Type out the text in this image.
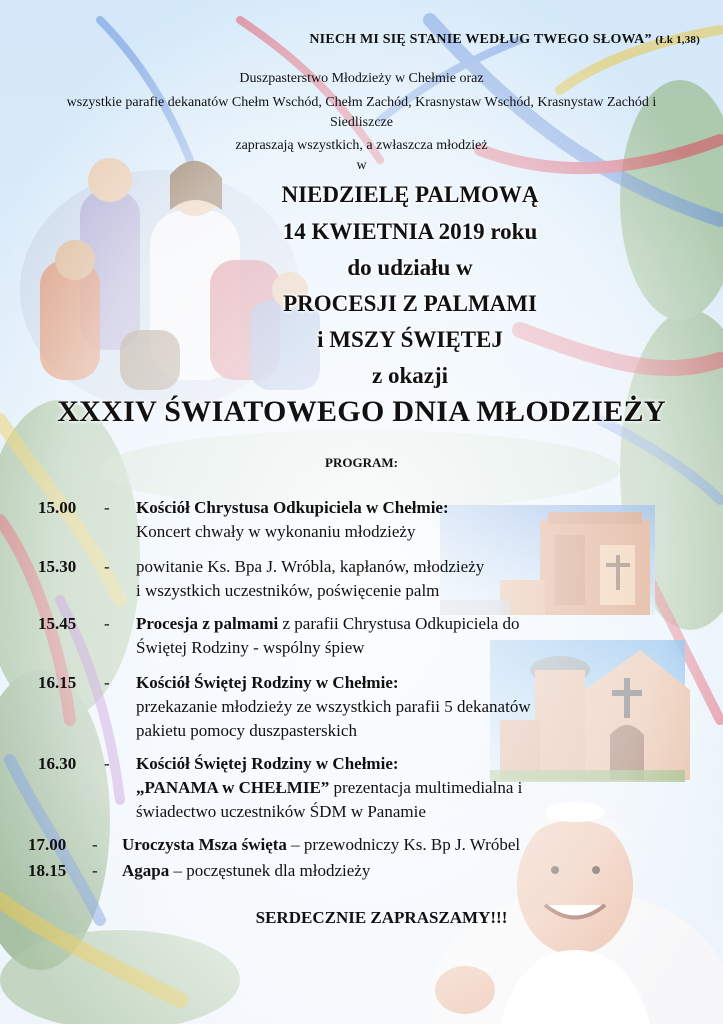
NIECH MI SIĘ STANIE WEDŁUG TWEGO SŁOWA” (Łk 1,38)
Duszpasterstwo Młodzieży w Chełmie oraz
wszystkie parafie dekanatów Chełm Wschód, Chełm Zachód, Krasnystaw Wschód, Krasnystaw Zachód i
Siedliszcze
zapraszają wszystkich, a zwłaszcza młodzież
w
NIEDZIELĘ PALMOWĄ
14 KWIETNIA 2019 roku
do udziału w
PROCESJI Z PALMAMI
i MSZY ŚWIĘTEJ
z okazji
XXXIV ŚWIATOWEGO DNIA MŁODZIEŻY
PROGRAM:
15.00 - Kościół Chrystusa Odkupiciela w Chełmie:
Koncert chwały w wykonaniu młodzieży
15.30 - powitanie Ks. Bpa J. Wróbla, kapłanów, młodzieży
i wszystkich uczestników, poświęcenie palm
15.45 - Procesja z palmami z parafii Chrystusa Odkupiciela do
Świętej Rodziny - wspólny śpiew
16.15 - Kościół Świętej Rodziny w Chełmie:
przekazanie młodzieży ze wszystkich parafii 5 dekanatów
pakietu pomocy duszpasterskich
16.30 - Kościół Świętej Rodziny w Chełmie:
„PANAMA w CHEŁMIE” prezentacja multimedialna i
świadectwo uczestników ŚDM w Panamie
17.00 - Uroczysta Msza święta – przewodniczy Ks. Bp J. Wróbel
18.15 - Agapa – poczęstunek dla młodzieży
SERDECZNIE ZAPRASZAMY!!!
